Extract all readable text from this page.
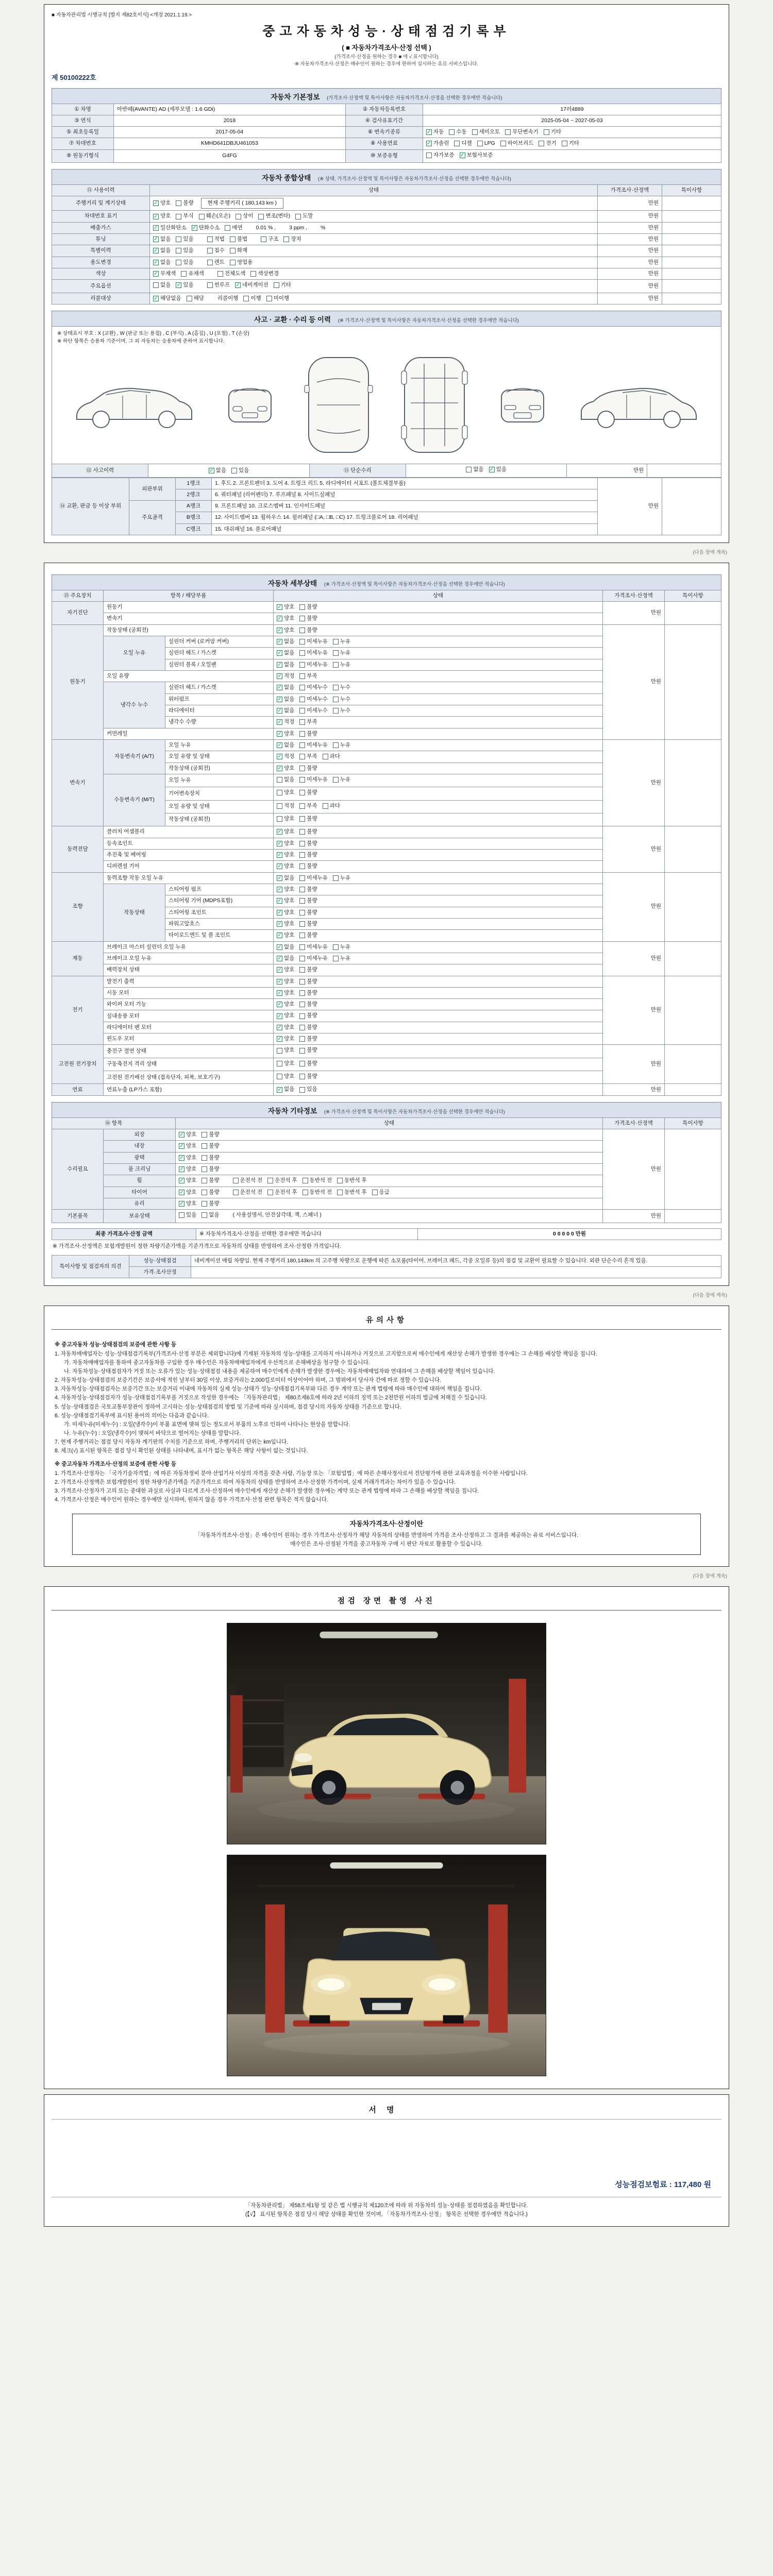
■ 자동차관리법 시행규칙 [별지 제82호서식] <개정 2021.1.19.>
중고자동차성능·상태점검기록부
( ■ 자동차가격조사·산정 선택 )
(가격조사·산정을 원하는 경우 ■ 에 √ 표시합니다)
※ 자동차가격조사·산정은 매수인이 원하는 경우에 한하여 실시하는 유료 서비스입니다.
제 50100222호
자동차 기본정보 (가격조사·산정액 및 특이사항은 자동차가격조사·산정을 선택한 경우에만 적습니다)
① 차명	아반떼(AVANTE) AD (세부모델 : 1.6 GDi)	② 자동차등록번호	17러4889
③ 연식	2018	④ 검사유효기간	2025-05-04 ~ 2027-05-03
⑤ 최초등록일	2017-05-04	⑥ 변속기종류	✓ 자동 수동 세미오토 무단변속기 기타

⑦ 차대번호	KMHD641DBJU461053	⑧ 사용연료	✓ 가솔린 디젤 LPG 하이브리드 전기 기타

⑨ 원동기형식	G4FG	⑩ 보증유형	자가보증 ✓ 보험사보증
자동차 종합상태 (※ 상태, 가격조사·산정액 및 특이사항은 자동차가격조사·산정을 선택한 경우에만 적습니다)
⑪ 사용이력	상태	가격조사·산정액	특이사항
주행거리 및 계기상태	✓ 양호 불량 현재 주행거리 ( 180,143 km )	만원	
차대번호 표기	✓ 양호 부식 훼손(오손) 상이 변조(변타) 도말	만원	
배출가스	✓ 일산화탄소 ✓ 탄화수소 매연 0.01 % , 3 ppm , %	만원	
튜닝	✓ 없음 있음	적법 불법	구조 장치	만원	
특별이력	✓ 없음 있음 침수 화재	만원	
용도변경	✓ 없음 있음 렌트 영업용	만원	
색상	✓ 무채색 유채색 전체도색 색상변경	만원	
주요옵션	없음 ✓ 있음	썬루프 ✓ 네비게이션 기타	만원	
리콜대상	✓ 해당없음 해당 리콜이행 이행 미이행	만원	
사고 · 교환 · 수리 등 이력 (※ 가격조사·산정액 및 특이사항은 자동차가격조사·산정을 선택한 경우에만 적습니다)
※ 상태표시 부호 : X (교환) , W (판금 또는 용접) , C (부식) , A (흠집) , U (요철) , T (손상)
※ 하단 항목은 승용차 기준이며, 그 외 자동차는 승용차에 준하여 표시합니다.
⑫ 사고이력	✓ 없음 있음	⑬ 단순수리	없음 ✓ 있음	만원	
⑭ 교환, 판금 등 이상 부위	외판부위	1랭크	1. 후드 2. 프론트펜더 3. 도어 4. 트렁크 리드 5. 라디에이터 서포트 (볼트체결부품)	만원	
		2랭크	6. 쿼터패널 (리어펜더) 7. 루프패널 8. 사이드실패널		
	주요골격	A랭크	9. 프론트패널 10. 크로스멤버 11. 인사이드패널		
		B랭크	12. 사이드멤버 13. 휠하우스 14. 필러패널 (□A, □B, □C) 17. 트렁크플로어 18. 리어패널		
		C랭크	15. 대쉬패널 16. 플로어패널		
(다음 장에 계속)
자동차 세부상태 (※ 가격조사·산정액 및 특이사항은 자동차가격조사·산정을 선택한 경우에만 적습니다)
⑮ 주요장치	항목 / 해당부품		상태	가격조사·산정액	특이사항
자기진단	원동기		✓ 양호 불량	만원	
	변속기		✓ 양호 불량		

원동기	작동상태 (공회전)		✓ 양호 불량	만원	
	오일 누유	실린더 커버 (로커암 커버)	✓ 없음 미세누유 누유		

		실린더 헤드 / 가스켓	✓ 없음 미세누유 누유		

		실린더 블록 / 오일팬	✓ 없음 미세누유 누유		

	오일 유량		✓ 적정 부족		

	냉각수 누수	실린더 헤드 / 가스켓	✓ 없음 미세누수 누수		

		워터펌프	✓ 없음 미세누수 누수		

		라디에이터	✓ 없음 미세누수 누수		

		냉각수 수량	✓ 적정 부족		

	커먼레일		✓ 양호 불량		

변속기	자동변속기 (A/T)	오일 누유	✓ 없음 미세누유 누유	만원	
		오일 유량 및 상태	✓ 적정 부족 과다		

		작동상태 (공회전)	✓ 양호 불량		

	수동변속기 (M/T)	오일 누유	없음 미세누유 누유		

		기어변속장치	양호 불량		

		오일 유량 및 상태	적정 부족 과다		

		작동상태 (공회전)	양호 불량		

동력전달	클러치 어셈블리		✓ 양호 불량	만원	
	등속조인트		✓ 양호 불량		

	추진축 및 베어링		✓ 양호 불량		

	디퍼렌셜 기어		✓ 양호 불량		

조향	동력조향 작동 오일 누유		✓ 없음 미세누유 누유	만원	
	작동상태	스티어링 펌프	✓ 양호 불량		

		스티어링 기어 (MDPS포함)	✓ 양호 불량		

		스티어링 조인트	✓ 양호 불량		

		파워고압호스	✓ 양호 불량		

		타이로드엔드 및 볼 조인트	✓ 양호 불량		

제동	브레이크 마스터 실린더 오일 누유		✓ 없음 미세누유 누유	만원	
	브레이크 오일 누유		✓ 없음 미세누유 누유		

	배력장치 상태		✓ 양호 불량		

전기	발전기 출력		✓ 양호 불량	만원	
	시동 모터		✓ 양호 불량		

	와이퍼 모터 기능		✓ 양호 불량		

	실내송풍 모터		✓ 양호 불량		

	라디에이터 팬 모터		✓ 양호 불량		

	윈도우 모터		✓ 양호 불량		

고전원 전기장치	충전구 절연 상태		양호 불량	만원	
	구동축전지 격리 상태		양호 불량		

	고전원 전기배선 상태 (접속단자, 피복, 보호기구)		양호 불량		

연료	연료누출 (LP가스 포함)		✓ 없음 있음	만원	
자동차 기타정보 (※ 가격조사·산정액 및 특이사항은 자동차가격조사·산정을 선택한 경우에만 적습니다)
⑯ 항목		상태	가격조사·산정액	특이사항
수리필요	외장	✓ 양호 불량	만원	
	내장	✓ 양호 불량		

	광택	✓ 양호 불량		

	룸 크리닝	✓ 양호 불량		

휠	✓ 양호 불량	운전석 전 운전석 후 동반석 전 동반석 후

타이어	✓ 양호 불량	운전석 전 운전석 후 동반석 전 동반석 후 응급

	유리	✓ 양호 불량		

기본품목	보유상태	있음 없음 ( 사용설명서, 안전삼각대, 잭, 스패너 )	만원	
최종 가격조사·산정 금액	※ 자동차가격조사·산정을 선택한 경우에만 적습니다	0 0 0 0 0 만원
※ 가격조사·산정액은 보험개발원이 정한 차량기준가액을 기준가격으로 자동차의 상태를 반영하여 조사·산정한 가격입니다.
특이사항 및 점검자의 의견	성능·상태점검	네비게이션 매립 차량임. 현재 주행거리 180,143km 의 고주행 차량으로 운행에 따른 소모품(타이어, 브레이크 패드, 각종 오일류 등)의 점검 및 교환이 필요할 수 있습니다. 외판 단순수리 흔적 있음.
	가격·조사산정	
(다음 장에 계속)
유의사항
※ 중고자동차 성능·상태점검의 보증에 관한 사항 등
1. 자동차매매업자는 성능·상태점검기록부(가격조사·산정 부분은 제외합니다)에 기재된 자동차의 성능·상태를 고지하지 아니하거나 거짓으로 고지함으로써 매수인에게 재산상 손해가 발생한 경우에는 그 손해를 배상할 책임을 집니다.
가. 자동차매매업자를 통하여 중고자동차를 구입한 경우 매수인은 자동차매매업자에게 우선적으로 손해배상을 청구할 수 있습니다.
나. 자동차성능·상태점검자가 거짓 또는 오류가 있는 성능·상태점검 내용을 제공하여 매수인에게 손해가 발생한 경우에는 자동차매매업자와 연대하여 그 손해를 배상할 책임이 있습니다.
2. 자동차성능·상태점검의 보증기간은 보증서에 적힌 날부터 30일 이상, 보증거리는 2,000킬로미터 이상이어야 하며, 그 범위에서 당사자 간에 따로 정할 수 있습니다.
3. 자동차성능·상태점검자는 보증기간 또는 보증거리 이내에 자동차의 실제 성능·상태가 성능·상태점검기록부와 다른 경우 계약 또는 관계 법령에 따라 매수인에 대하여 책임을 집니다.
4. 자동차성능·상태점검자가 성능·상태점검기록부를 거짓으로 작성한 경우에는 「자동차관리법」 제80조제6호에 따라 2년 이하의 징역 또는 2천만원 이하의 벌금에 처해질 수 있습니다.
5. 성능·상태점검은 국토교통부장관이 정하여 고시하는 성능·상태점검의 방법 및 기준에 따라 실시하며, 점검 당시의 자동차 상태를 기준으로 합니다.
6. 성능·상태점검기록부에 표시된 용어의 의미는 다음과 같습니다.
가. 미세누유(미세누수) : 오일(냉각수)이 부품 표면에 맺혀 있는 정도로서 부품의 노후로 인하여 나타나는 현상을 말합니다.
나. 누유(누수) : 오일(냉각수)이 맺혀서 바닥으로 떨어지는 상태를 말합니다.
7. 현재 주행거리는 점검 당시 자동차 계기판의 수치를 기준으로 하며, 주행거리의 단위는 km입니다.
8. 체크(√) 표시된 항목은 점검 당시 확인된 상태를 나타내며, 표시가 없는 항목은 해당 사항이 없는 것입니다.
※ 중고자동차 가격조사·산정의 보증에 관한 사항 등
1. 가격조사·산정자는 「국가기술자격법」에 따른 자동차정비 분야 산업기사 이상의 자격을 갖춘 사람, 기능장 또는 「보험업법」에 따른 손해사정사로서 진단평가에 관한 교육과정을 이수한 사람입니다.
2. 가격조사·산정액은 보험개발원이 정한 차량기준가액을 기준가격으로 하여 자동차의 상태를 반영하여 조사·산정한 가격이며, 실제 거래가격과는 차이가 있을 수 있습니다.
3. 가격조사·산정자가 고의 또는 중대한 과실로 사실과 다르게 조사·산정하여 매수인에게 재산상 손해가 발생한 경우에는 계약 또는 관계 법령에 따라 그 손해를 배상할 책임을 집니다.
4. 가격조사·산정은 매수인이 원하는 경우에만 실시하며, 원하지 않을 경우 가격조사·산정 관련 항목은 적지 않습니다.
자동차가격조사·산정이란
「자동차가격조사·산정」은 매수인이 원하는 경우 가격조사·산정자가 해당 자동차의 상태를 반영하여 가격을 조사·산정하고 그 결과를 제공하는 유료 서비스입니다.
매수인은 조사·산정된 가격을 중고자동차 구매 시 판단 자료로 활용할 수 있습니다.
(다음 장에 계속)
점검 장면 촬영 사진
서명
성능점검보험료 : 117,480 원
「자동차관리법」 제58조제1항 및 같은 법 시행규칙 제120조에 따라 위 자동차의 성능·상태를 점검하였음을 확인합니다.
(【√】 표시된 항목은 점검 당시 해당 상태를 확인한 것이며, 「자동차가격조사·산정」 항목은 선택한 경우에만 적습니다.)
